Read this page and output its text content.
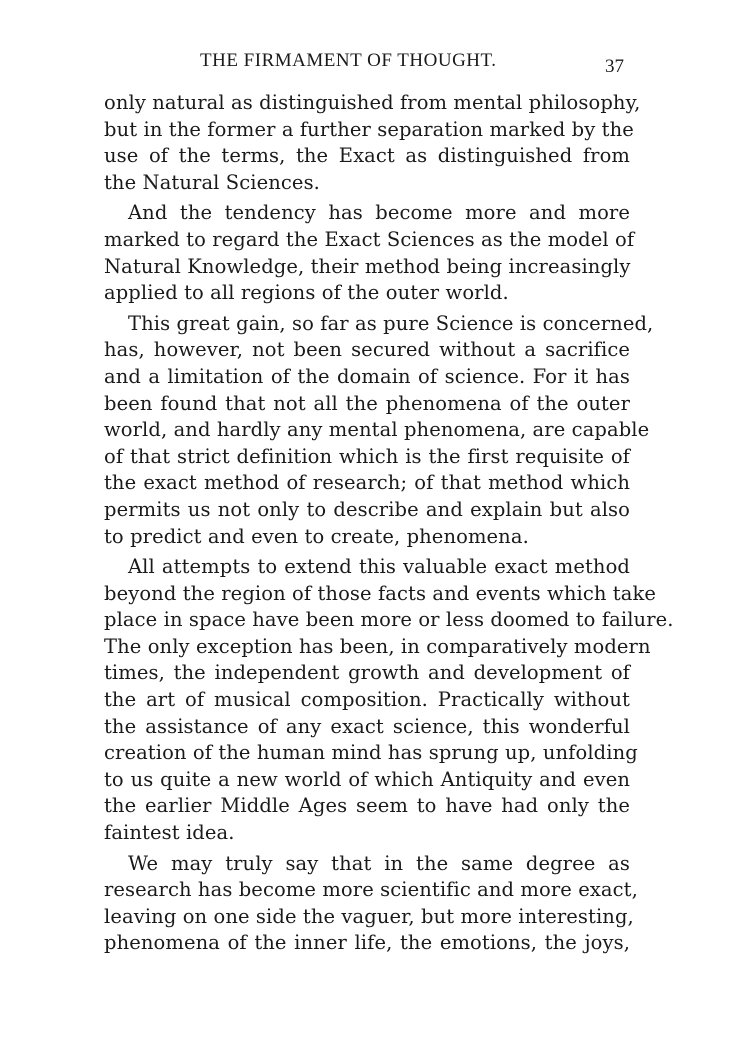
THE FIRMAMENT OF THOUGHT.	37
only natural as distinguished from mental philosophy,
but in the former a further separation marked by the
use of the terms, the Exact as distinguished from
the Natural Sciences.
And the tendency has become more and more
marked to regard the Exact Sciences as the model of
Natural Knowledge, their method being increasingly
applied to all regions of the outer world.
This great gain, so far as pure Science is concerned,
has, however, not been secured without a sacrifice
and a limitation of the domain of science. For it has
been found that not all the phenomena of the outer
world, and hardly any mental phenomena, are capable
of that strict definition which is the first requisite of
the exact method of research; of that method which
permits us not only to describe and explain but also
to predict and even to create, phenomena.
All attempts to extend this valuable exact method
beyond the region of those facts and events which take
place in space have been more or less doomed to failure.
The only exception has been, in comparatively modern
times, the independent growth and development of
the art of musical composition. Practically without
the assistance of any exact science, this wonderful
creation of the human mind has sprung up, unfolding
to us quite a new world of which Antiquity and even
the earlier Middle Ages seem to have had only the
faintest idea.
We may truly say that in the same degree as
research has become more scientific and more exact,
leaving on one side the vaguer, but more interesting,
phenomena of the inner life, the emotions, the joys,
